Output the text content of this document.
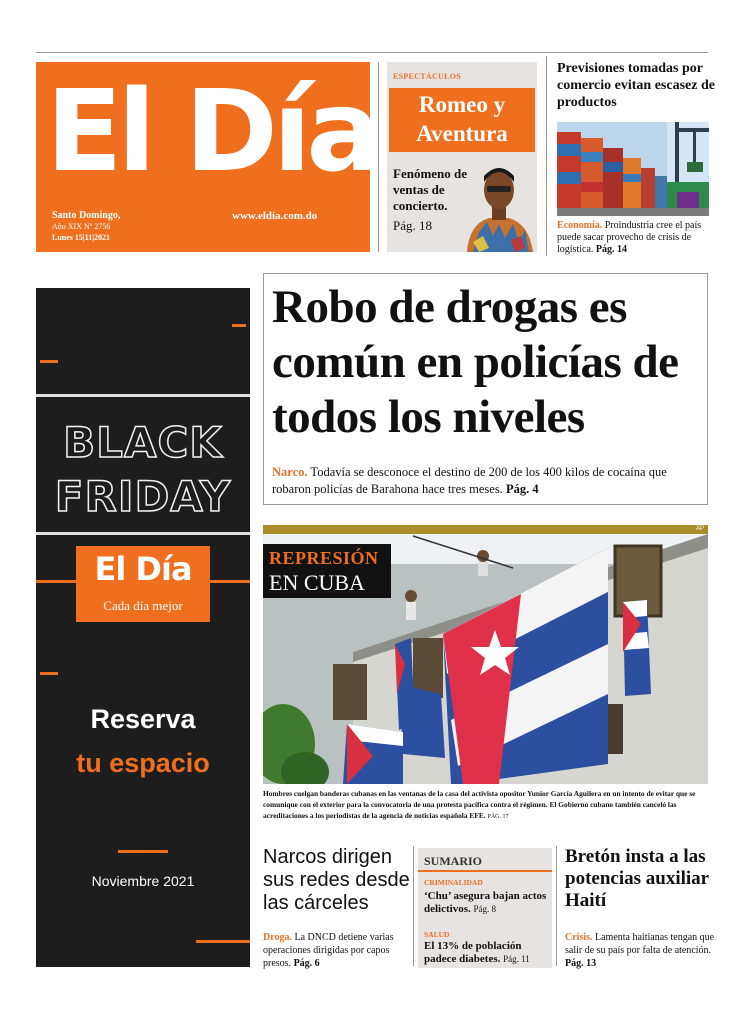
El Día
Santo Domingo,
Año XIX Nº 2756
Lunes 15|11|2021
www.eldia.com.do
ESPECTÁCULOS
Romeo y
Aventura
Fenómeno de ventas de concierto.
Pág. 18
Previsiones tomadas por comercio evitan escasez de productos
Economía. Proindustria cree el país puede sacar provecho de crisis de logística. Pág. 14
BLACK
FRIDAY
El Día
Cada día mejor
Reserva
tu espacio
Noviembre 2021
Robo de drogas es común en policías de todos los niveles
Narco. Todavía se desconoce el destino de 200 de los 400 kilos de cocaína que robaron policías de Barahona hace tres meses. Pág. 4
AP
REPRESIÓN
EN CUBA
Hombres cuelgan banderas cubanas en las ventanas de la casa del activista opositor Yunior García Aguilera en un intento de evitar que se comunique con el exterior para la convocatoria de una protesta pacífica contra el régimen. El Gobierno cubano también canceló las acreditaciones a los periodistas de la agencia de noticias española EFE. PÁG. 17
Narcos dirigen sus redes desde las cárceles
Droga. La DNCD detiene varias operaciones dirigidas por capos presos. Pág. 6
SUMARIO
CRIMINALIDAD
‘Chu’ asegura bajan actos delictivos. Pág. 8
SALUD
El 13% de población padece diabetes. Pág. 11
Bretón insta a las potencias auxiliar Haití
Crisis. Lamenta haitianas tengan que salir de su país por falta de atención. Pág. 13
